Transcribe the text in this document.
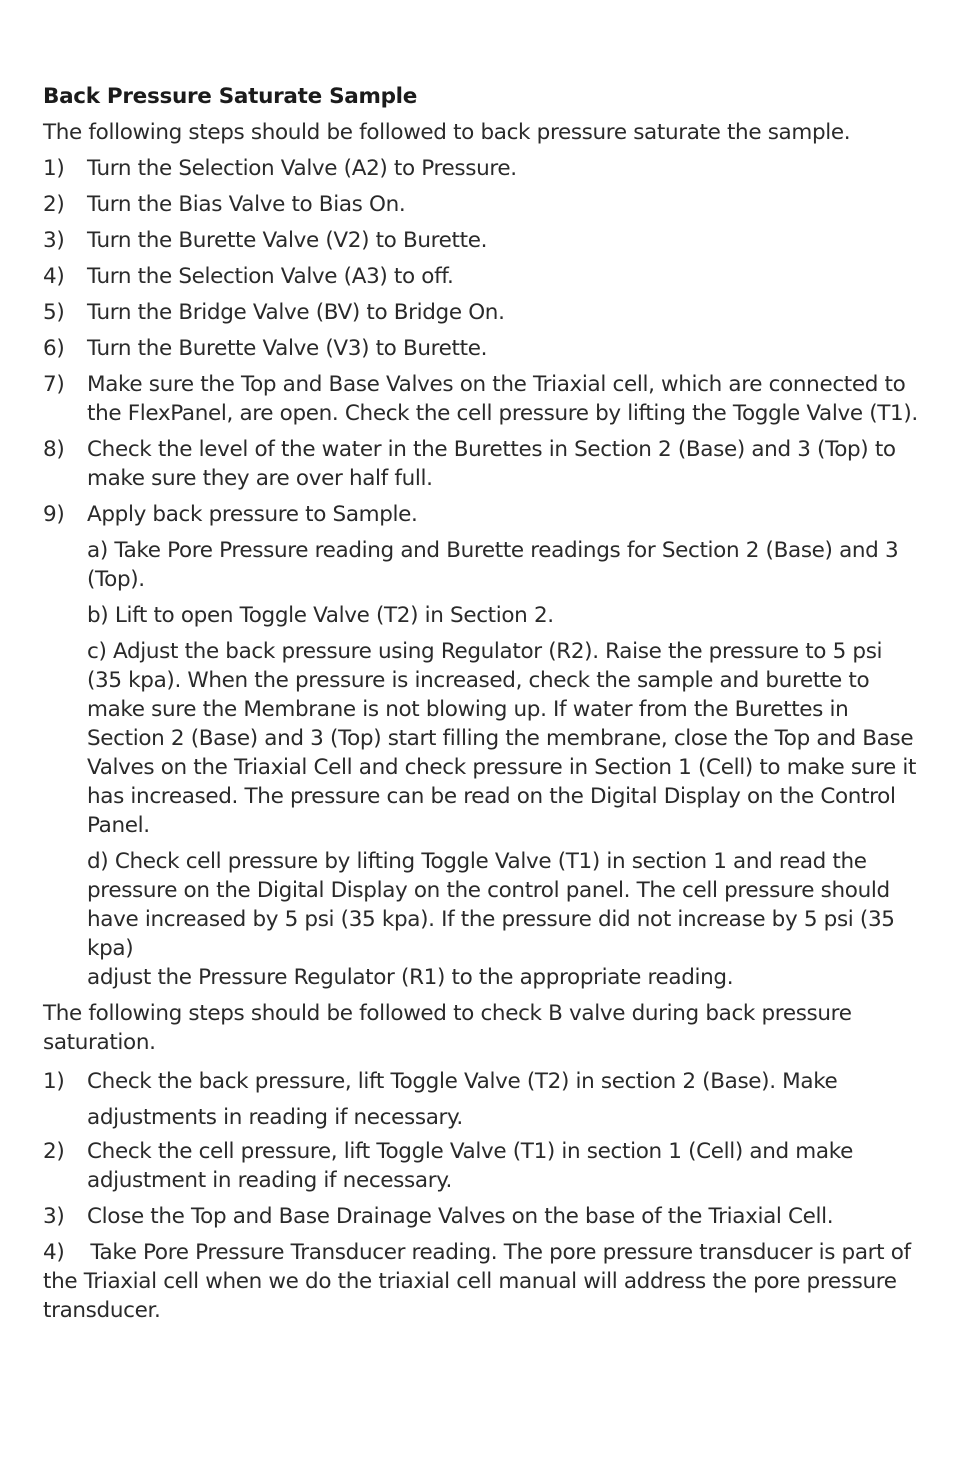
Back Pressure Saturate Sample
The following steps should be followed to back pressure saturate the sample.
1) Turn the Selection Valve (A2) to Pressure.
2) Turn the Bias Valve to Bias On.
3) Turn the Burette Valve (V2) to Burette.
4) Turn the Selection Valve (A3) to off.
5) Turn the Bridge Valve (BV) to Bridge On.
6) Turn the Burette Valve (V3) to Burette.
7) Make sure the Top and Base Valves on the Triaxial cell, which are connected to the FlexPanel, are open. Check the cell pressure by lifting the Toggle Valve (T1).
8) Check the level of the water in the Burettes in Section 2 (Base) and 3 (Top) to make sure they are over half full.
9) Apply back pressure to Sample.
a) Take Pore Pressure reading and Burette readings for Section 2 (Base) and 3 (Top).
b) Lift to open Toggle Valve (T2) in Section 2.
c) Adjust the back pressure using Regulator (R2). Raise the pressure to 5 psi (35 kpa). When the pressure is increased, check the sample and burette to make sure the Membrane is not blowing up. If water from the Burettes in Section 2 (Base) and 3 (Top) start filling the membrane, close the Top and Base Valves on the Triaxial Cell and check pressure in Section 1 (Cell) to make sure it has increased. The pressure can be read on the Digital Display on the Control Panel.
d) Check cell pressure by lifting Toggle Valve (T1) in section 1 and read the pressure on the Digital Display on the control panel. The cell pressure should have increased by 5 psi (35 kpa). If the pressure did not increase by 5 psi (35 kpa)
adjust the Pressure Regulator (R1) to the appropriate reading.
The following steps should be followed to check B valve during back pressure saturation.
1) Check the back pressure, lift Toggle Valve (T2) in section 2 (Base). Make adjustments in reading if necessary.
2) Check the cell pressure, lift Toggle Valve (T1) in section 1 (Cell) and make adjustment in reading if necessary.
3) Close the Top and Base Drainage Valves on the base of the Triaxial Cell.
4) Take Pore Pressure Transducer reading. The pore pressure transducer is part of the Triaxial cell when we do the triaxial cell manual will address the pore pressure transducer.
